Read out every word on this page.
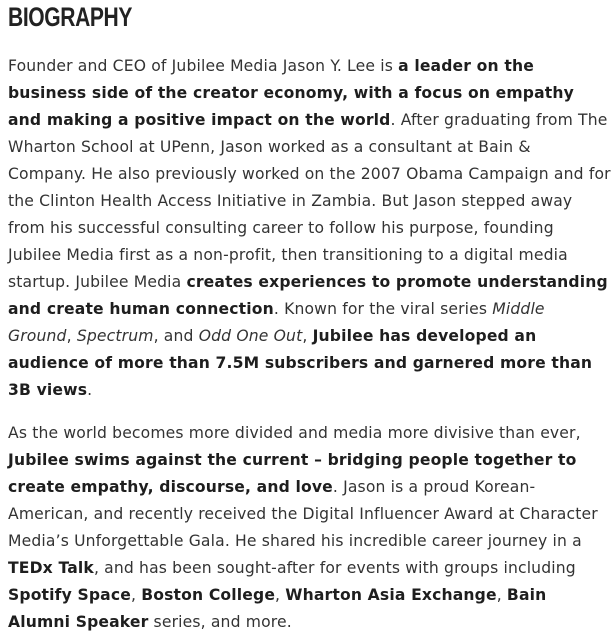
BIOGRAPHY

Founder and CEO of Jubilee Media Jason Y. Lee is a leader on the business side of the creator economy, with a focus on empathy and making a positive impact on the world. After graduating from The Wharton School at UPenn, Jason worked as a consultant at Bain & Company. He also previously worked on the 2007 Obama Campaign and for the Clinton Health Access Initiative in Zambia. But Jason stepped away from his successful consulting career to follow his purpose, founding Jubilee Media first as a non-profit, then transitioning to a digital media startup. Jubilee Media creates experiences to promote understanding and create human connection. Known for the viral series Middle Ground, Spectrum, and Odd One Out, Jubilee has developed an audience of more than 7.5M subscribers and garnered more than 3B views.

As the world becomes more divided and media more divisive than ever, Jubilee swims against the current – bridging people together to create empathy, discourse, and love. Jason is a proud Korean-American, and recently received the Digital Influencer Award at Character Media’s Unforgettable Gala. He shared his incredible career journey in a TEDx Talk, and has been sought-after for events with groups including Spotify Space, Boston College, Wharton Asia Exchange, Bain Alumni Speaker series, and more.
